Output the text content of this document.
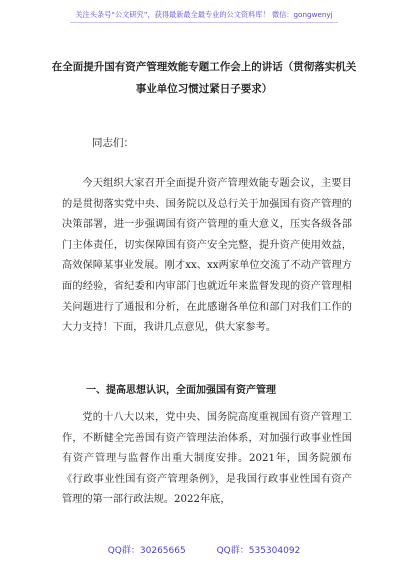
关注头条号“公文研究”，获得最新最全最专业的公文资料库！ 微信：gongwenyj
在全面提升国有资产管理效能专题工作会上的讲话（贯彻落实机关事业单位习惯过紧日子要求）
同志们：
今天组织大家召开全面提升资产管理效能专题会议，主要目的是贯彻落实党中央、国务院以及总行关于加强国有资产管理的决策部署，进一步强调国有资产管理的重大意义，压实各级各部门主体责任，切实保障国有资产安全完整，提升资产使用效益，高效保障某事业发展。刚才xx、xx两家单位交流了不动产管理方面的经验，省纪委和内审部门也就近年来监督发现的资产管理相关问题进行了通报和分析，在此感谢各单位和部门对我们工作的大力支持！下面，我讲几点意见，供大家参考。
一、提高思想认识，全面加强国有资产管理
党的十八大以来，党中央、国务院高度重视国有资产管理工作，不断健全完善国有资产管理法治体系，对加强行政事业性国有资产管理与监督作出重大制度安排。2021年，国务院颁布《行政事业性国有资产管理条例》，是我国行政事业性国有资产管理的第一部行政法规。2022年底，
QQ群：30265665	QQ群：535304092
